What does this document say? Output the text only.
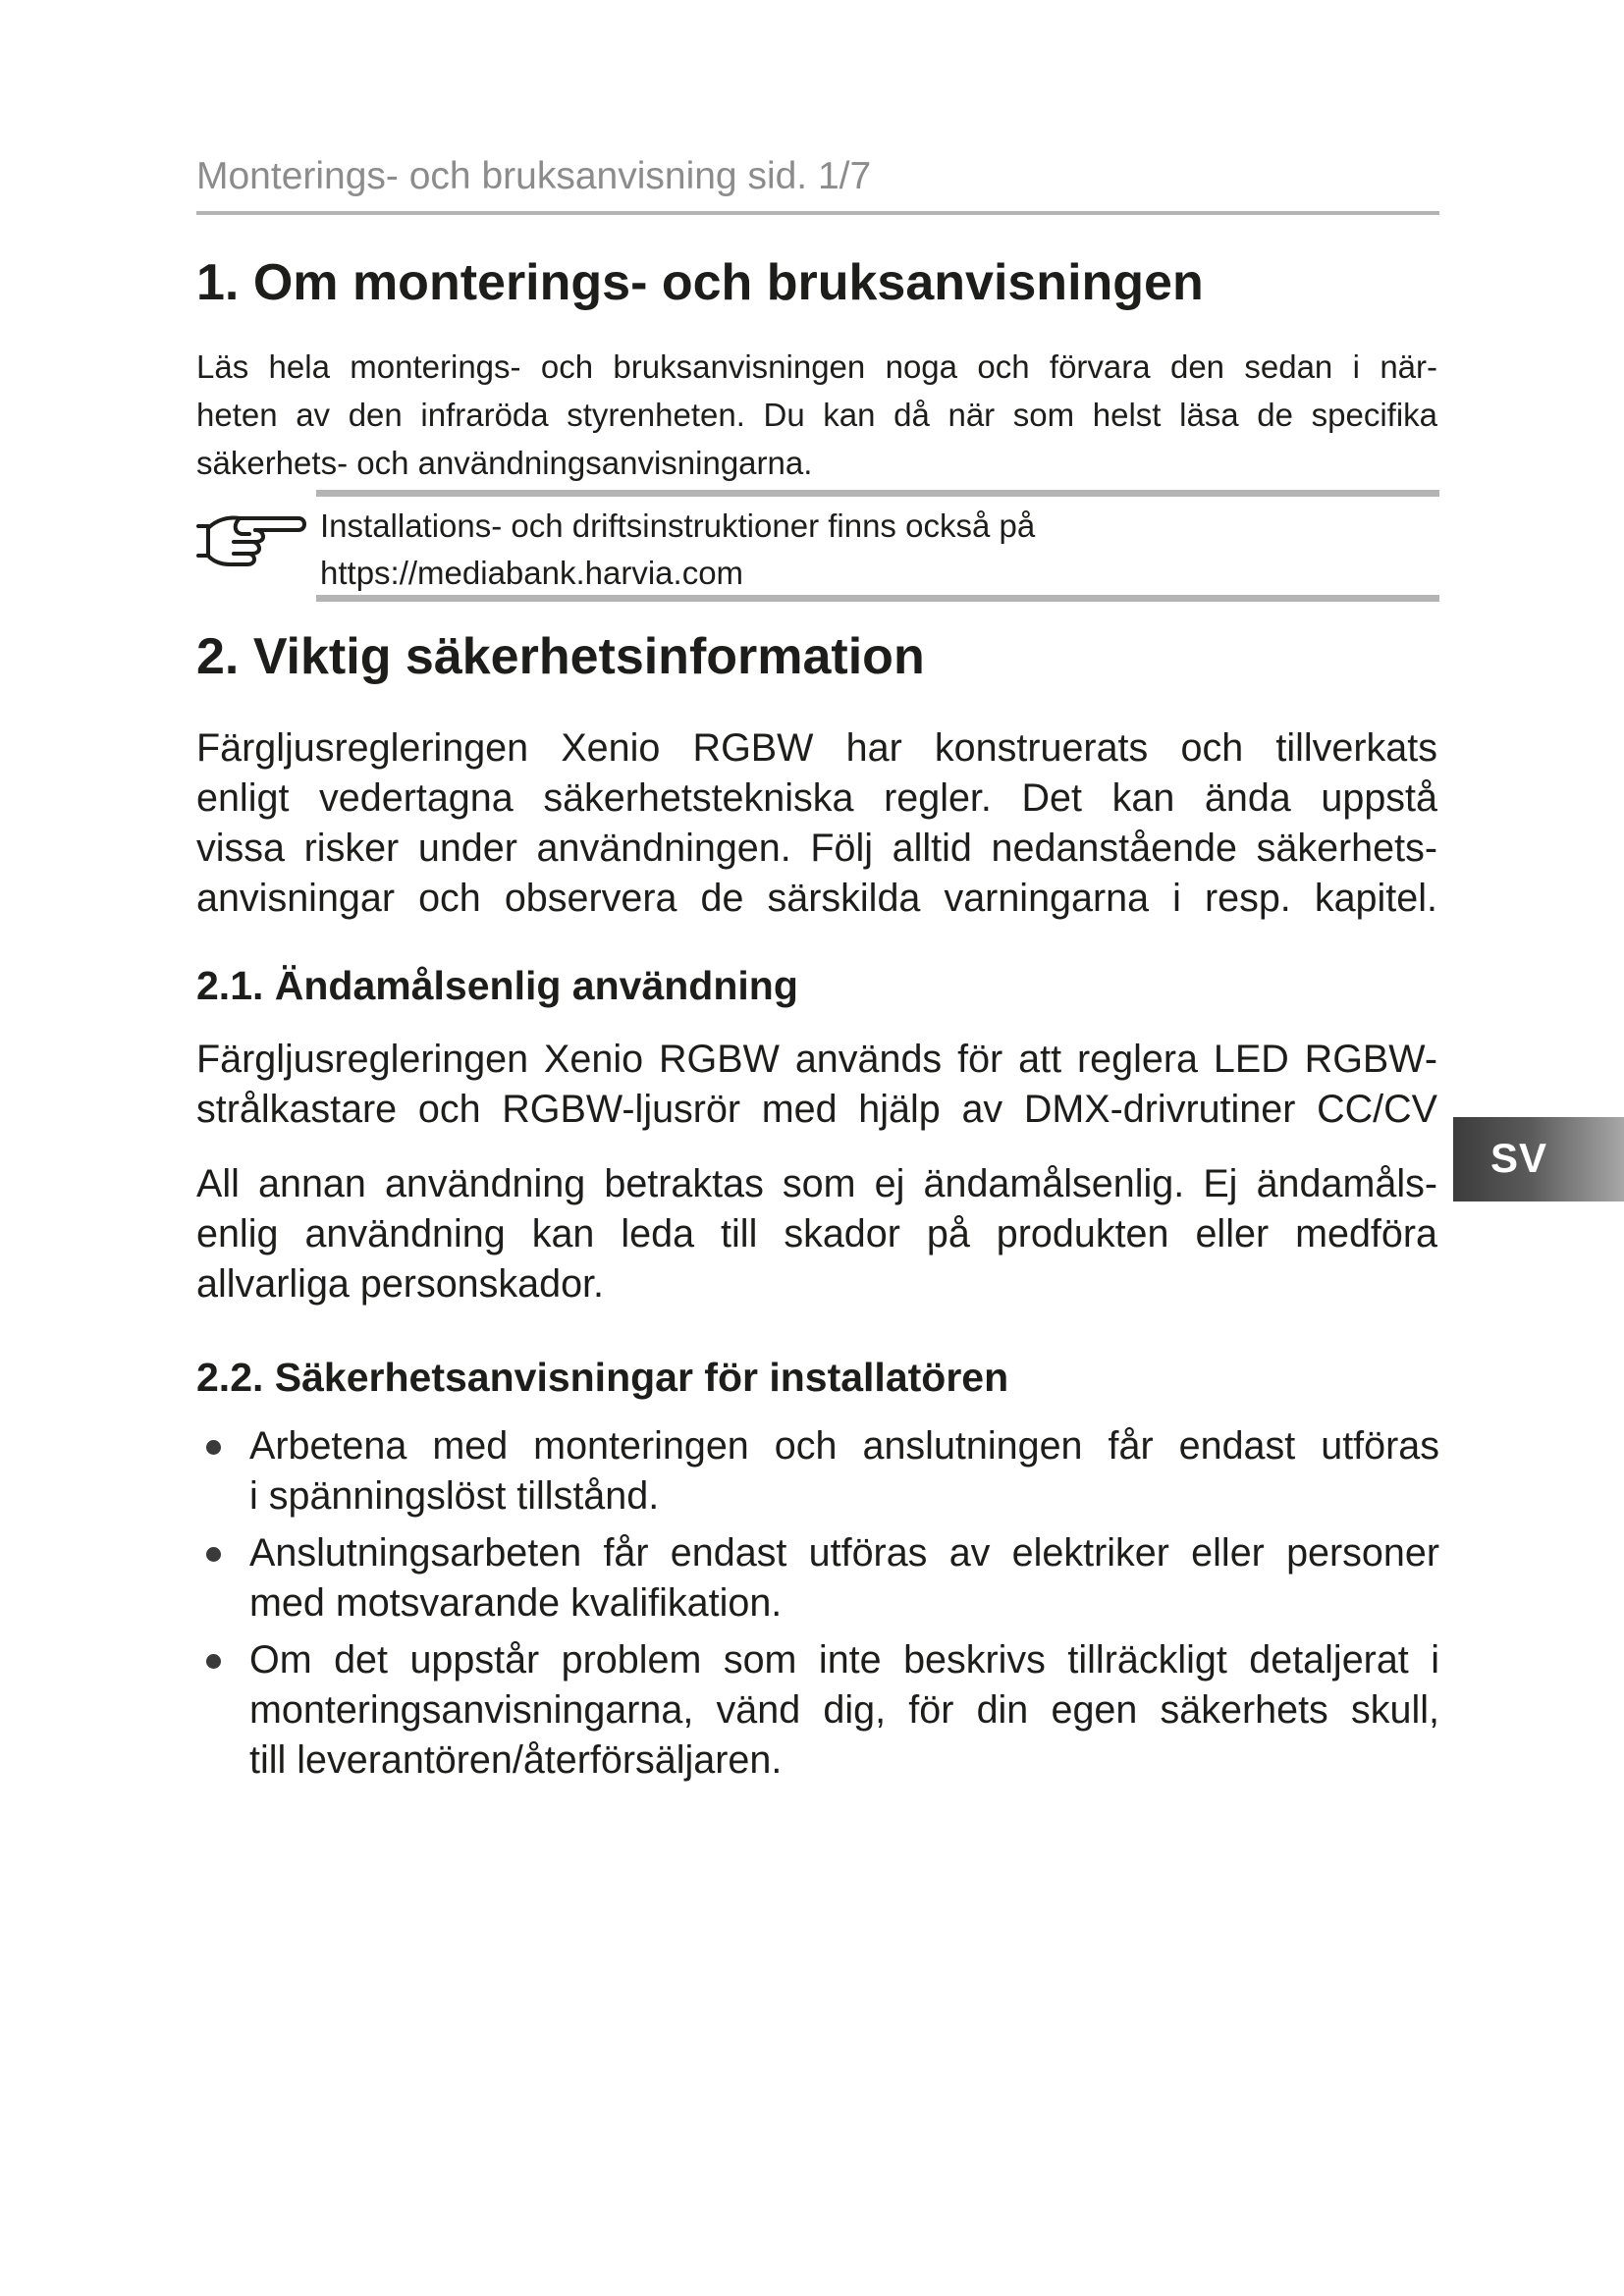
Monterings- och bruksanvisning sid. 1/7
1. Om monterings- och bruksanvisningen
Läs hela monterings- och bruksanvisningen noga och förvara den sedan i när-
heten av den infraröda styrenheten. Du kan då när som helst läsa de specifika
säkerhets- och användningsanvisningarna.
Installations- och driftsinstruktioner finns också på
https://mediabank.harvia.com
2. Viktig säkerhetsinformation
Färgljusregleringen Xenio RGBW har konstruerats och tillverkats
enligt vedertagna säkerhetstekniska regler. Det kan ända uppstå
vissa risker under användningen. Följ alltid nedanstående säkerhets-
anvisningar och observera de särskilda varningarna i resp. kapitel.
2.1. Ändamålsenlig användning
Färgljusregleringen Xenio RGBW används för att reglera LED RGBW-
strålkastare och RGBW-ljusrör med hjälp av DMX-drivrutiner CC/CV
All annan användning betraktas som ej ändamålsenlig. Ej ändamåls-
enlig användning kan leda till skador på produkten eller medföra
allvarliga personskador.
SV
2.2. Säkerhetsanvisningar för installatören
Arbetena med monteringen och anslutningen får endast utföras
i spänningslöst tillstånd.
Anslutningsarbeten får endast utföras av elektriker eller personer
med motsvarande kvalifikation.
Om det uppstår problem som inte beskrivs tillräckligt detaljerat i
monteringsanvisningarna, vänd dig, för din egen säkerhets skull,
till leverantören/återförsäljaren.
